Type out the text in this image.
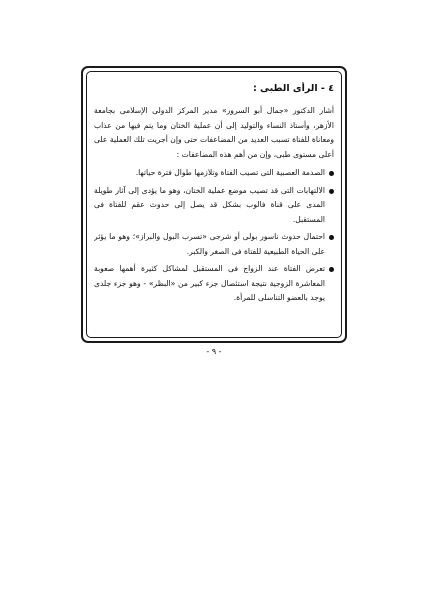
٤ - الرأى الطبى :

أشار الدكتور «جمال أبو السرور» مدير المركز الدولى الإسلامى بجامعة الأزهر، وأستاذ النساء والتوليد إلى أن عملية الختان وما يتم فيها من عذاب ومعاناة للفتاة تسبب العديد من المضاعفات حتى وإن أجريت تلك العملية على أعلى مستوى طبى، وإن من أهم هذه المضاعفات :

الصدمة العصبية التى تصيب الفتاة وتلازمها طوال فترة حياتها.
الالتهابات التى قد تصيب موضع عملية الختان، وهو ما يؤدى إلى آثار طويلة المدى على قناة فالوب بشكل قد يصل إلى حدوث عقم للفتاة فى المستقبل.
احتمال حدوث ناسور بولى أو شرجى «تسرب البول والبراز»؛ وهو ما يؤثر على الحياة الطبيعية للفتاة فى الصغر والكبر.
تعرض الفتاة عند الزواج فى المستقبل لمشاكل كثيرة أهمها صعوبة المعاشرة الزوجية نتيجة استئصال جزء كبير من «البظر» - وهو جزء جلدى يوجد بالعضو التناسلى للمرأة.
- ٩ -
